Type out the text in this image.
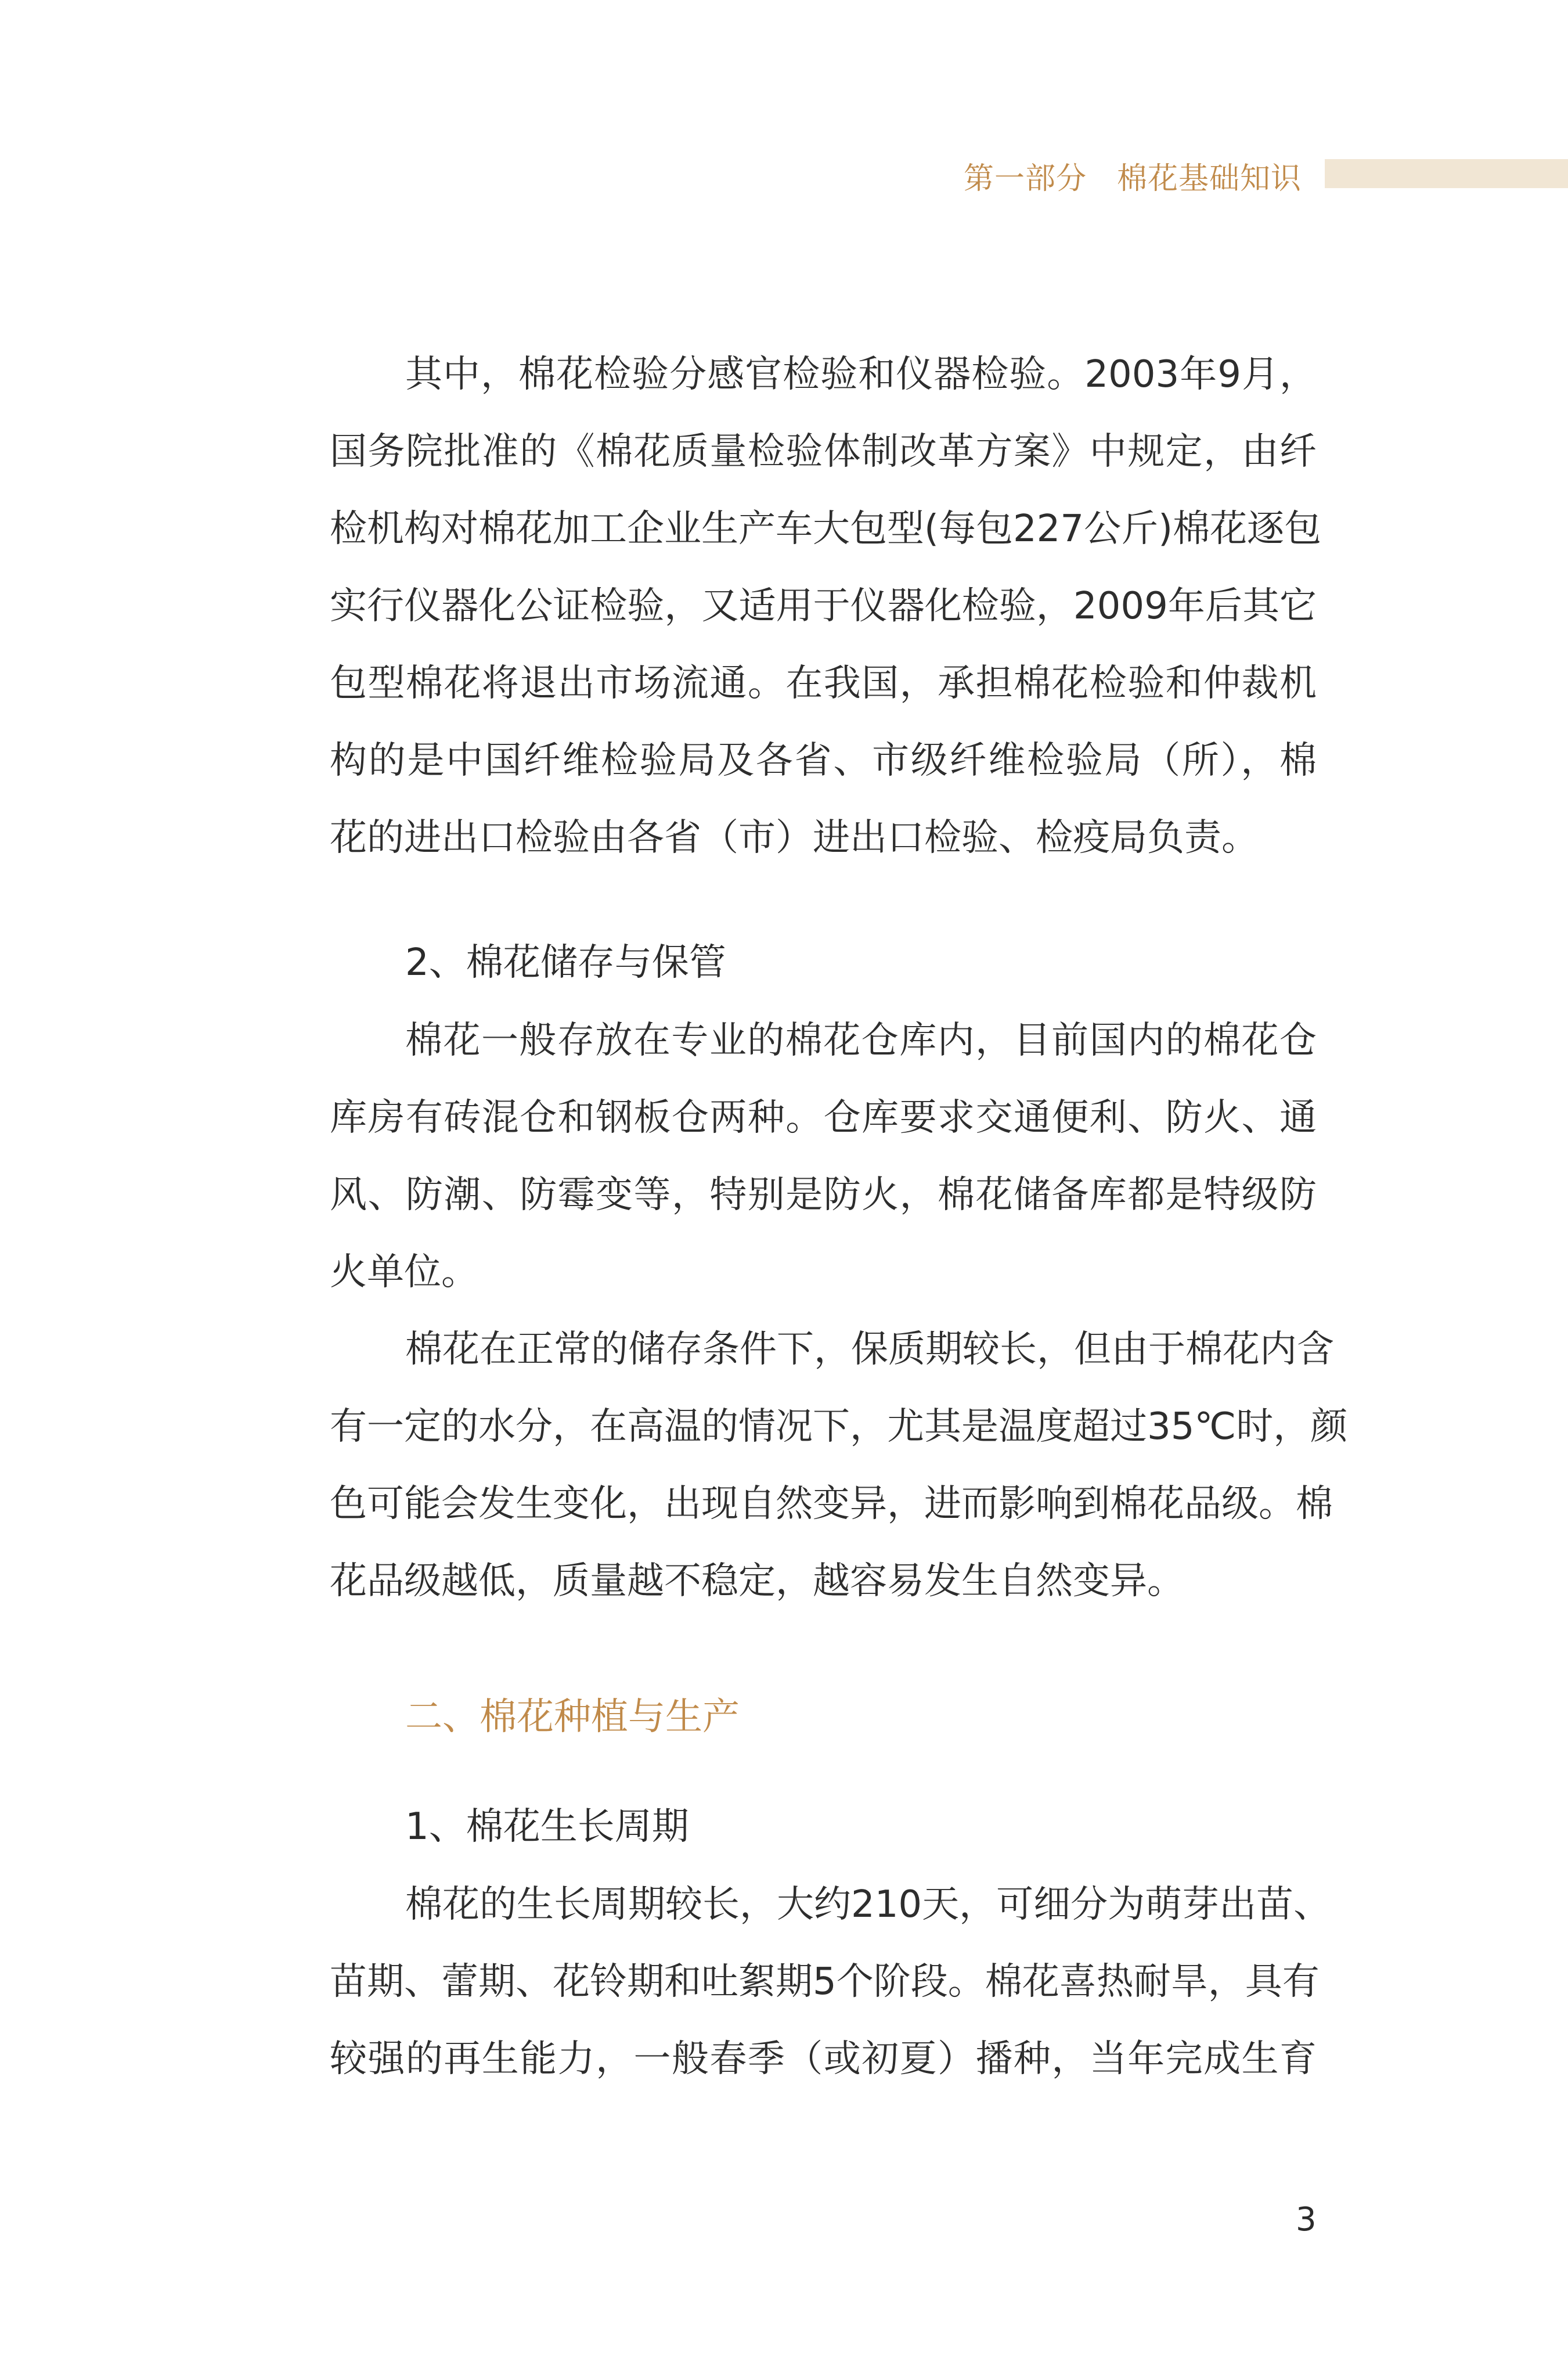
第一部分 棉花基础知识
其中，棉花检验分感官检验和仪器检验。2003年9月，
国务院批准的《棉花质量检验体制改革方案》中规定，由纤
检机构对棉花加工企业生产车大包型(每包227公斤)棉花逐包
实行仪器化公证检验，又适用于仪器化检验，2009年后其它
包型棉花将退出市场流通。在我国，承担棉花检验和仲裁机
构的是中国纤维检验局及各省、市级纤维检验局（所），棉
花的进出口检验由各省（市）进出口检验、检疫局负责。
2、棉花储存与保管
棉花一般存放在专业的棉花仓库内，目前国内的棉花仓
库房有砖混仓和钢板仓两种。仓库要求交通便利、防火、通
风、防潮、防霉变等，特别是防火，棉花储备库都是特级防
火单位。
棉花在正常的储存条件下，保质期较长，但由于棉花内含
有一定的水分，在高温的情况下，尤其是温度超过35℃时，颜
色可能会发生变化，出现自然变异，进而影响到棉花品级。棉
花品级越低，质量越不稳定，越容易发生自然变异。
二、棉花种植与生产
1、棉花生长周期
棉花的生长周期较长，大约210天，可细分为萌芽出苗、
苗期、蕾期、花铃期和吐絮期5个阶段。棉花喜热耐旱，具有
较强的再生能力，一般春季（或初夏）播种，当年完成生育
3
